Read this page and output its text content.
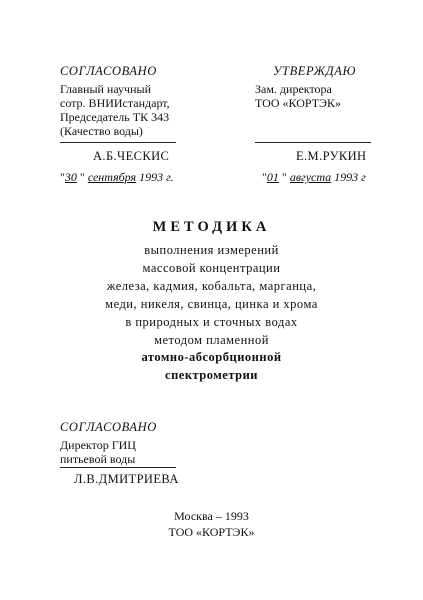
СОГЛАСОВАНО
Главный научный
сотр. ВНИИстандарт,
Председатель ТК 343
(Качество воды)
А.Б.ЧЕСКИС
"30 " сентября 1993 г.
УТВЕРЖДАЮ
Зам. директора
ТОО «КОРТЭК»
Е.М.РУКИН
"01 " августа 1993 г
МЕТОДИКА
выполнения измерений
массовой концентрации
железа, кадмия, кобальта, марганца,
меди, никеля, свинца, цинка и хрома
в природных и сточных водах
методом пламенной
атомно-абсорбционной
спектрометрии
СОГЛАСОВАНО
Директор ГИЦ
питьевой воды
Л.В.ДМИТРИЕВА
Москва – 1993
ТОО «КОРТЭК»
